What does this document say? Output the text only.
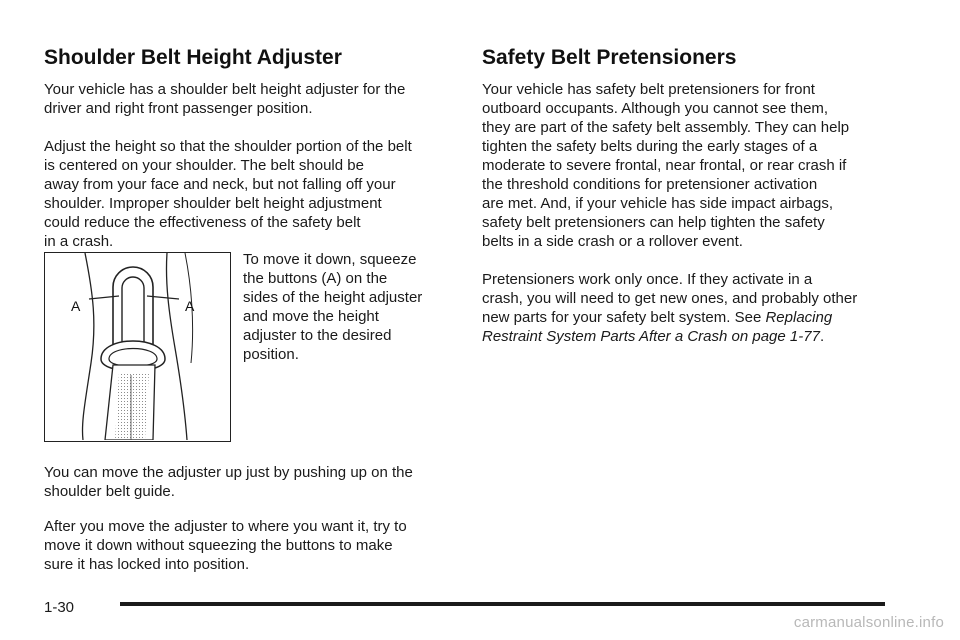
Shoulder Belt Height Adjuster

Your vehicle has a shoulder belt height adjuster for the
driver and right front passenger position.

Adjust the height so that the shoulder portion of the belt
is centered on your shoulder. The belt should be
away from your face and neck, but not falling off your
shoulder. Improper shoulder belt height adjustment
could reduce the effectiveness of the safety belt
in a crash.

A	A

To move it down, squeeze
the buttons (A) on the
sides of the height adjuster
and move the height
adjuster to the desired
position.

You can move the adjuster up just by pushing up on the
shoulder belt guide.

After you move the adjuster to where you want it, try to
move it down without squeezing the buttons to make
sure it has locked into position.

Safety Belt Pretensioners

Your vehicle has safety belt pretensioners for front
outboard occupants. Although you cannot see them,
they are part of the safety belt assembly. They can help
tighten the safety belts during the early stages of a
moderate to severe frontal, near frontal, or rear crash if
the threshold conditions for pretensioner activation
are met. And, if your vehicle has side impact airbags,
safety belt pretensioners can help tighten the safety
belts in a side crash or a rollover event.

Pretensioners work only once. If they activate in a
crash, you will need to get new ones, and probably other
new parts for your safety belt system. See Replacing
Restraint System Parts After a Crash on page 1-77.

1-30

carmanualsonline.info
